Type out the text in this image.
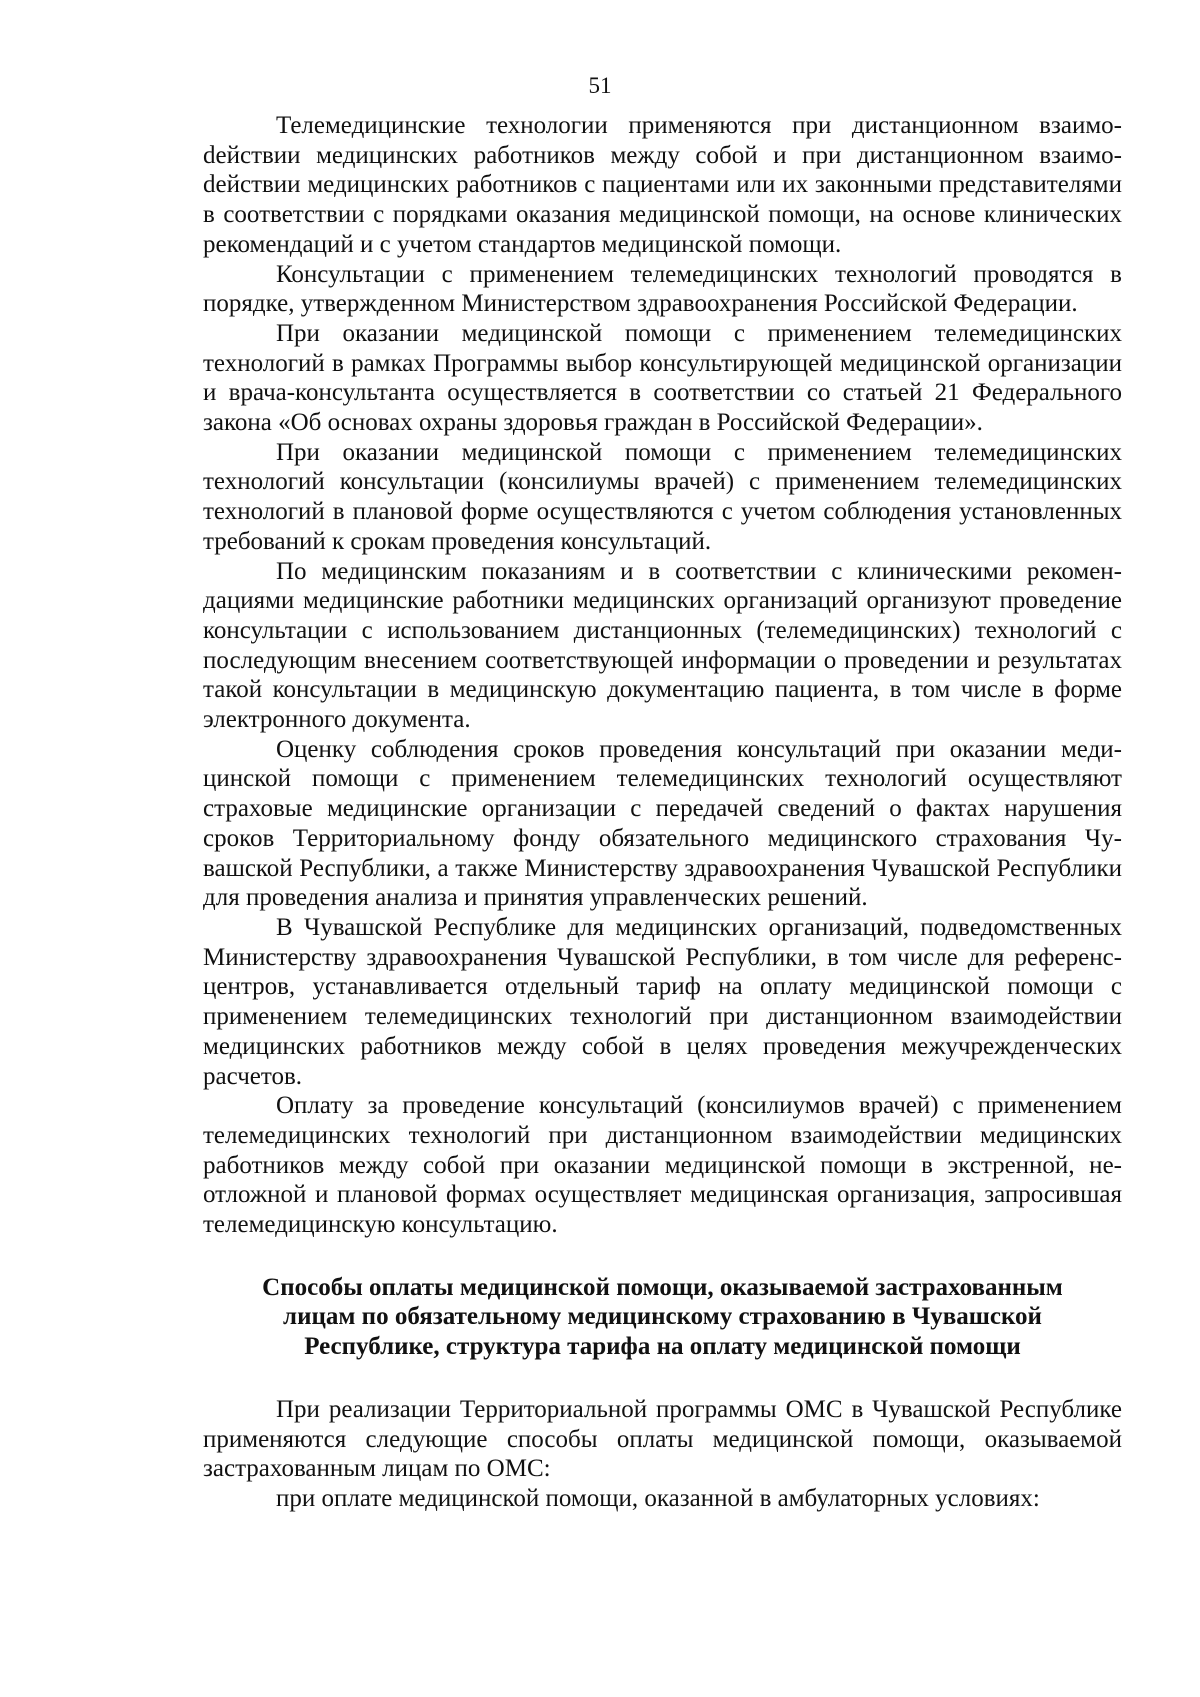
51

Телемедицинские технологии применяются при дистанционном взаимоdействии медицинских работников между собой и при дистанционном взаимоdействии медицинских работников с пациентами или их законными представителями в соответствии с порядками оказания медицинской помощи, на основе клинических рекомендаций и с учетом стандартов медицинской помощи.

Консультации с применением телемедицинских технологий проводятся в порядке, утвержденном Министерством здравоохранения Российской Федерации.

При оказании медицинской помощи с применением телемедицинских технологий в рамках Программы выбор консультирующей медицинской организации и врача-консультанта осуществляется в соответствии со статьей 21 Федерального закона «Об основах охраны здоровья граждан в Российской Федерации».

При оказании медицинской помощи с применением телемедицинских технологий консультации (консилиумы врачей) с применением телемедицинских технологий в плановой форме осуществляются с учетом соблюдения установленных требований к срокам проведения консультаций.

По медицинским показаниям и в соответствии с клиническими рекомендациями медицинские работники медицинских организаций организуют проведение консультации с использованием дистанционных (телемедицинских) технологий с последующим внесением соответствующей информации о проведении и результатах такой консультации в медицинскую документацию пациента, в том числе в форме электронного документа.

Оценку соблюдения сроков проведения консультаций при оказании медицинской помощи с применением телемедицинских технологий осуществляют страховые медицинские организации с передачей сведений о фактах нарушения сроков Территориальному фонду обязательного медицинского страхования Чувашской Республики, а также Министерству здравоохранения Чувашской Республики для проведения анализа и принятия управленческих решений.

В Чувашской Республике для медицинских организаций, подведомственных Министерству здравоохранения Чувашской Республики, в том числе для референс-центров, устанавливается отдельный тариф на оплату медицинской помощи с применением телемедицинских технологий при дистанционном взаимодействии медицинских работников между собой в целях проведения межучрежденческих расчетов.

Оплату за проведение консультаций (консилиумов врачей) с применением телемедицинских технологий при дистанционном взаимодействии медицинских работников между собой при оказании медицинской помощи в экстренной, неотложной и плановой формах осуществляет медицинская организация, запросившая телемедицинскую консультацию.

Способы оплаты медицинской помощи, оказываемой застрахованным лицам по обязательному медицинскому страхованию в Чувашской Республике, структура тарифа на оплату медицинской помощи

При реализации Территориальной программы ОМС в Чувашской Республике применяются следующие способы оплаты медицинской помощи, оказываемой застрахованным лицам по ОМС:

при оплате медицинской помощи, оказанной в амбулаторных условиях:
